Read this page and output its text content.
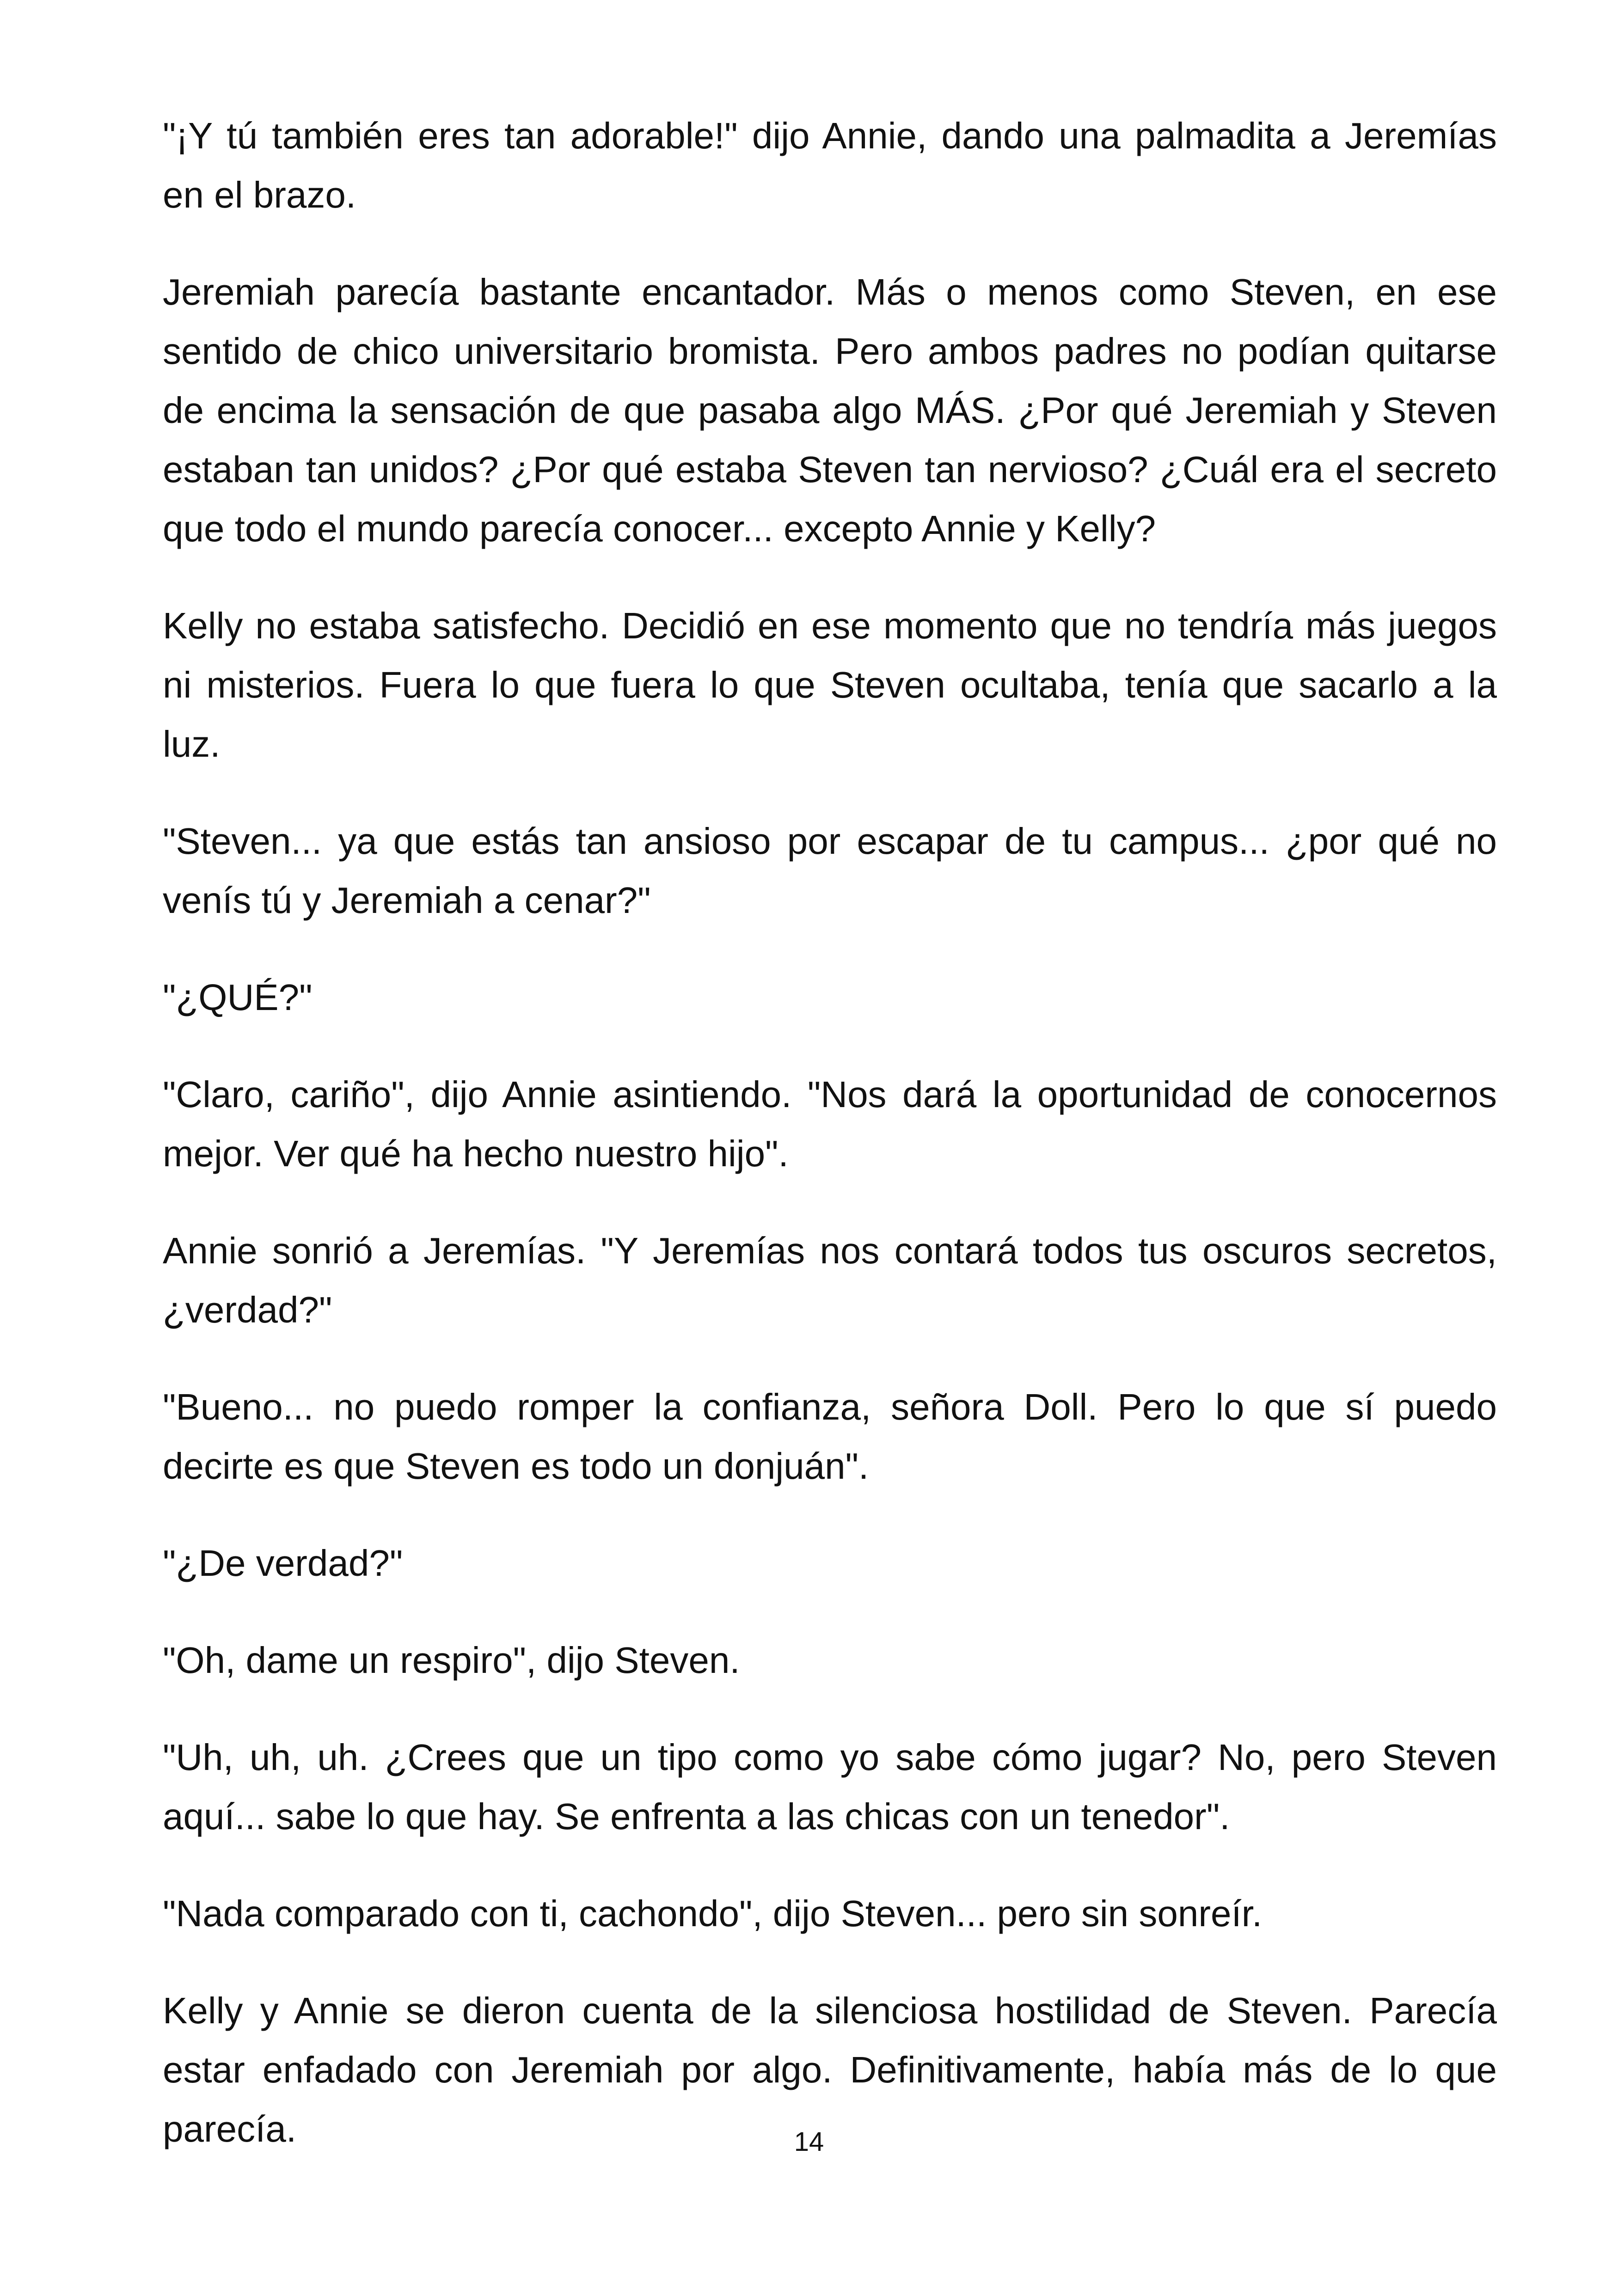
"¡Y tú también eres tan adorable!" dijo Annie, dando una palmadita a Jeremías en el brazo.

Jeremiah parecía bastante encantador. Más o menos como Steven, en ese sentido de chico universitario bromista. Pero ambos padres no podían quitarse de encima la sensación de que pasaba algo MÁS. ¿Por qué Jeremiah y Steven estaban tan unidos? ¿Por qué estaba Steven tan nervioso? ¿Cuál era el secreto que todo el mundo parecía conocer... excepto Annie y Kelly?

Kelly no estaba satisfecho. Decidió en ese momento que no tendría más juegos ni misterios. Fuera lo que fuera lo que Steven ocultaba, tenía que sacarlo a la luz.

"Steven... ya que estás tan ansioso por escapar de tu campus... ¿por qué no venís tú y Jeremiah a cenar?"

"¿QUÉ?"

"Claro, cariño", dijo Annie asintiendo. "Nos dará la oportunidad de conocernos mejor. Ver qué ha hecho nuestro hijo".

Annie sonrió a Jeremías. "Y Jeremías nos contará todos tus oscuros secretos, ¿verdad?"

"Bueno... no puedo romper la confianza, señora Doll. Pero lo que sí puedo decirte es que Steven es todo un donjuán".

"¿De verdad?"

"Oh, dame un respiro", dijo Steven.

"Uh, uh, uh. ¿Crees que un tipo como yo sabe cómo jugar? No, pero Steven aquí... sabe lo que hay. Se enfrenta a las chicas con un tenedor".

"Nada comparado con ti, cachondo", dijo Steven... pero sin sonreír.

Kelly y Annie se dieron cuenta de la silenciosa hostilidad de Steven. Parecía estar enfadado con Jeremiah por algo. Definitivamente, había más de lo que parecía.	14
